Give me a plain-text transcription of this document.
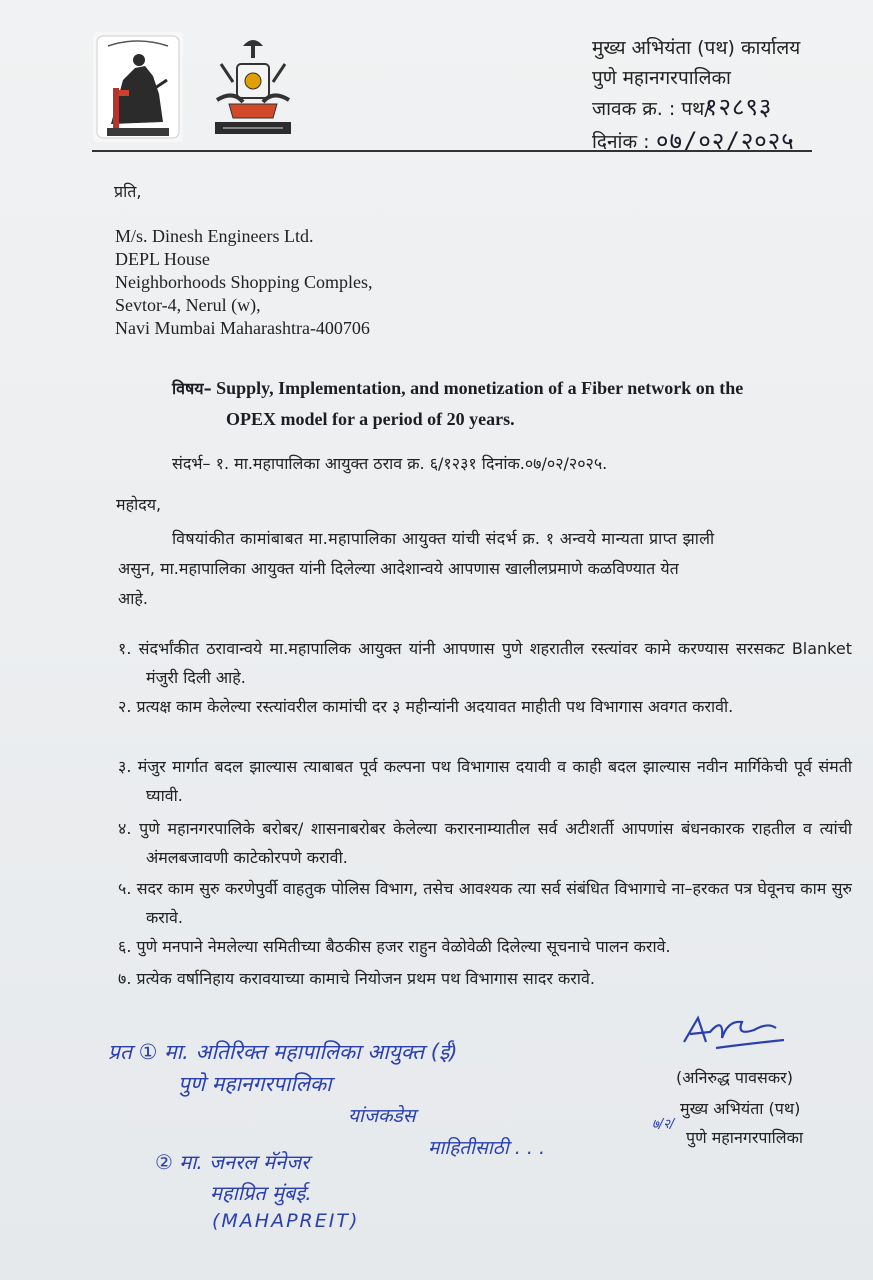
मुख्य अभियंता (पथ) कार्यालय
पुणे महानगरपालिका
जावक क्र. : पथ/
१२८९३
दिनांक : ०७/०२/२०२५
प्रति,
M/s. Dinesh Engineers Ltd.
DEPL House
Neighborhoods Shopping Comples,
Sevtor-4, Nerul (w),
Navi Mumbai Maharashtra-400706
विषय– Supply, Implementation, and monetization of a Fiber network on the
OPEX model for a period of 20 years.
संदर्भ– १. मा.महापालिका आयुक्त ठराव क्र. ६/१२३१ दिनांक.०७/०२/२०२५.
महोदय,
विषयांकीत कामांबाबत मा.महापालिका आयुक्त यांची संदर्भ क्र. १ अन्वये मान्यता प्राप्त झाली
असुन, मा.महापालिका आयुक्त यांनी दिलेल्या आदेशान्वये आपणास खालीलप्रमाणे कळविण्यात येत
आहे.
१. संदर्भांकीत ठरावान्वये मा.महापालिक आयुक्त यांनी आपणास पुणे शहरातील रस्त्यांवर कामे करण्यास सरसकट Blanket मंजुरी दिली आहे.
२. प्रत्यक्ष काम केलेल्या रस्त्यांवरील कामांची दर ३ महीन्यांनी अदयावत माहीती पथ विभागास अवगत करावी.
३. मंजुर मार्गात बदल झाल्यास त्याबाबत पूर्व कल्पना पथ विभागास दयावी व काही बदल झाल्यास नवीन मार्गिकेची पूर्व संमती घ्यावी.
४. पुणे महानगरपालिके बरोबर/ शासनाबरोबर केलेल्या करारनाम्यातील सर्व अटीशर्ती आपणांस बंधनकारक राहतील व त्यांची अंमलबजावणी काटेकोरपणे करावी.
५. सदर काम सुरु करणेपुर्वी वाहतुक पोलिस विभाग, तसेच आवश्यक त्या सर्व संबंधित विभागाचे ना–हरकत पत्र घेवूनच काम सुरु करावे.
६. पुणे मनपाने नेमलेल्या समितीच्या बैठकीस हजर राहुन वेळोवेळी दिलेल्या सूचनाचे पालन करावे.
७. प्रत्येक वर्षानिहाय करावयाच्या कामाचे नियोजन प्रथम पथ विभागास सादर करावे.
प्रत ① मा. अतिरिक्त महापालिका आयुक्त (ई)
पुणे महानगरपालिका
यांजकडेस
माहितीसाठी . . .
② मा. जनरल मॅनेजर
महाप्रित मुंबई.
(MAHAPREIT)
(अनिरुद्ध पावसकर)
मुख्य अभियंता (पथ)
७/२/
पुणे महानगरपालिका
